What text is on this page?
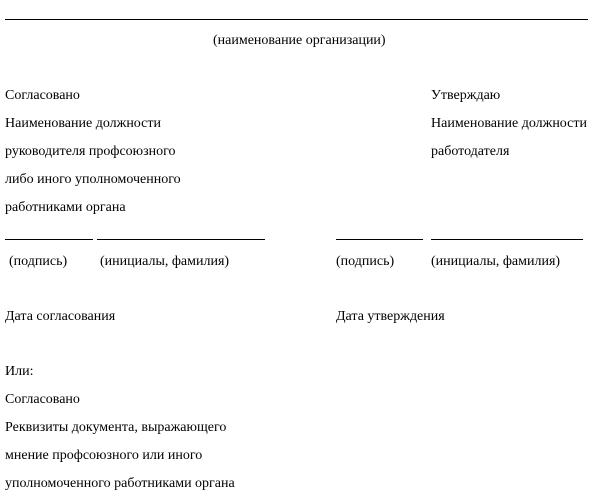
(наименование организации)
Согласовано
Наименование должности
руководителя профсоюзного
либо иного уполномоченного
работниками органа
Утверждаю
Наименование должности
работодателя
(подпись) (инициалы, фамилия)	(подпись)	(инициалы, фамилия)
Дата согласования	Дата утверждения
Или:
Согласовано
Реквизиты документа, выражающего
мнение профсоюзного или иного
уполномоченного работниками органа
